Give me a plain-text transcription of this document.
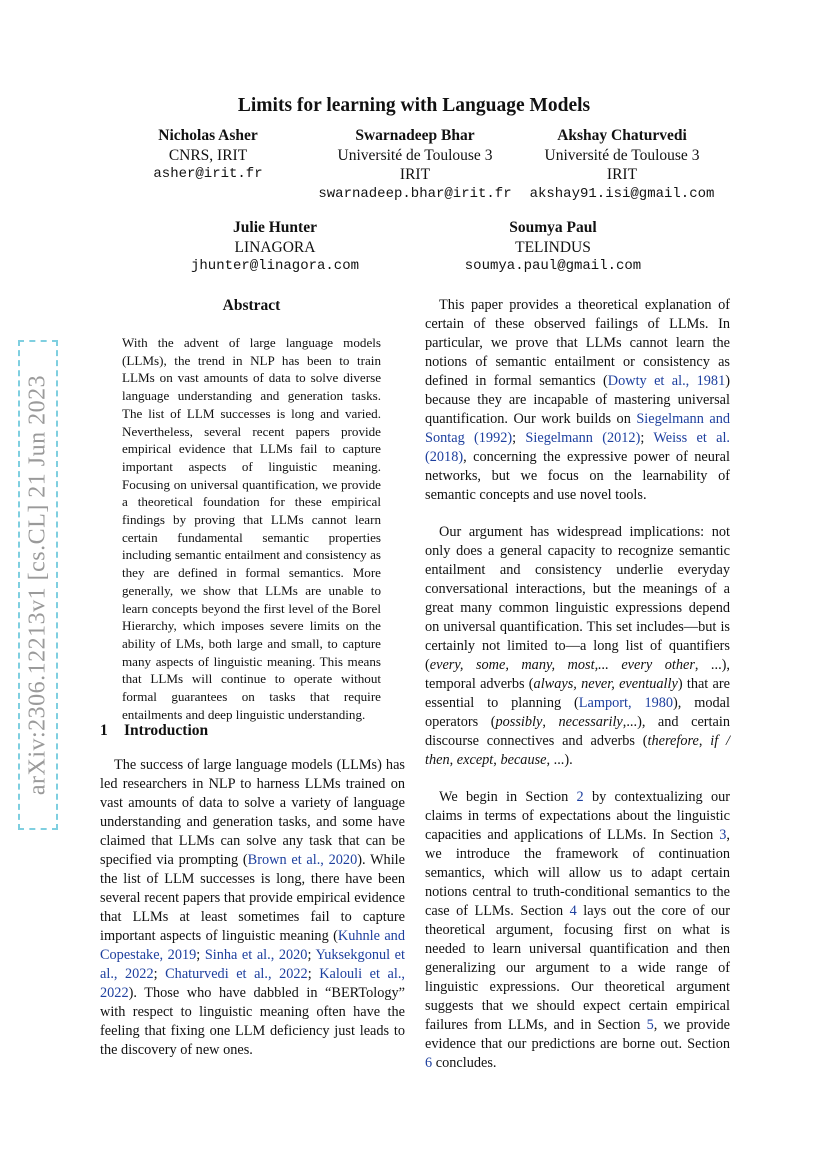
arXiv:2306.12213v1 [cs.CL] 21 Jun 2023
Limits for learning with Language Models
Nicholas Asher
CNRS, IRIT
asher@irit.fr
Swarnadeep Bhar
Université de Toulouse 3
IRIT
swarnadeep.bhar@irit.fr
Akshay Chaturvedi
Université de Toulouse 3
IRIT
akshay91.isi@gmail.com
Julie Hunter
LINAGORA
jhunter@linagora.com
Soumya Paul
TELINDUS
soumya.paul@gmail.com
Abstract
With the advent of large language models (LLMs), the trend in NLP has been to train LLMs on vast amounts of data to solve diverse language understanding and generation tasks. The list of LLM successes is long and varied. Nevertheless, several recent papers provide empirical evidence that LLMs fail to capture important aspects of linguistic meaning. Focusing on universal quantification, we provide a theoretical foundation for these empirical findings by proving that LLMs cannot learn certain fundamental semantic properties including semantic entailment and consistency as they are defined in formal semantics. More generally, we show that LLMs are unable to learn concepts beyond the first level of the Borel Hierarchy, which imposes severe limits on the ability of LMs, both large and small, to capture many aspects of linguistic meaning. This means that LLMs will continue to operate without formal guarantees on tasks that require entailments and deep linguistic understanding.
1 Introduction

The success of large language models (LLMs) has led researchers in NLP to harness LLMs trained on vast amounts of data to solve a variety of language understanding and generation tasks, and some have claimed that LLMs can solve any task that can be specified via prompting (Brown et al., 2020). While the list of LLM successes is long, there have been several recent papers that provide empirical evidence that LLMs at least sometimes fail to capture important aspects of linguistic meaning (Kuhnle and Copestake, 2019; Sinha et al., 2020; Yuksekgonul et al., 2022; Chaturvedi et al., 2022; Kalouli et al., 2022). Those who have dabbled in “BERTology” with respect to linguistic meaning often have the feeling that fixing one LLM deficiency just leads to the discovery of new ones.

This paper provides a theoretical explanation of certain of these observed failings of LLMs. In particular, we prove that LLMs cannot learn the notions of semantic entailment or consistency as defined in formal semantics (Dowty et al., 1981) because they are incapable of mastering universal quantification. Our work builds on Siegelmann and Sontag (1992); Siegelmann (2012); Weiss et al. (2018), concerning the expressive power of neural networks, but we focus on the learnability of semantic concepts and use novel tools.

Our argument has widespread implications: not only does a general capacity to recognize semantic entailment and consistency underlie everyday conversational interactions, but the meanings of a great many common linguistic expressions depend on universal quantification. This set includes—but is certainly not limited to—a long list of quantifiers (every, some, many, most,... every other, ...), temporal adverbs (always, never, eventually) that are essential to planning (Lamport, 1980), modal operators (possibly, necessarily,...), and certain discourse connectives and adverbs (therefore, if / then, except, because, ...).

We begin in Section 2 by contextualizing our claims in terms of expectations about the linguistic capacities and applications of LLMs. In Section 3, we introduce the framework of continuation semantics, which will allow us to adapt certain notions central to truth-conditional semantics to the case of LLMs. Section 4 lays out the core of our theoretical argument, focusing first on what is needed to learn universal quantification and then generalizing our argument to a wide range of linguistic expressions. Our theoretical argument suggests that we should expect certain empirical failures from LLMs, and in Section 5, we provide evidence that our predictions are borne out. Section 6 concludes.
